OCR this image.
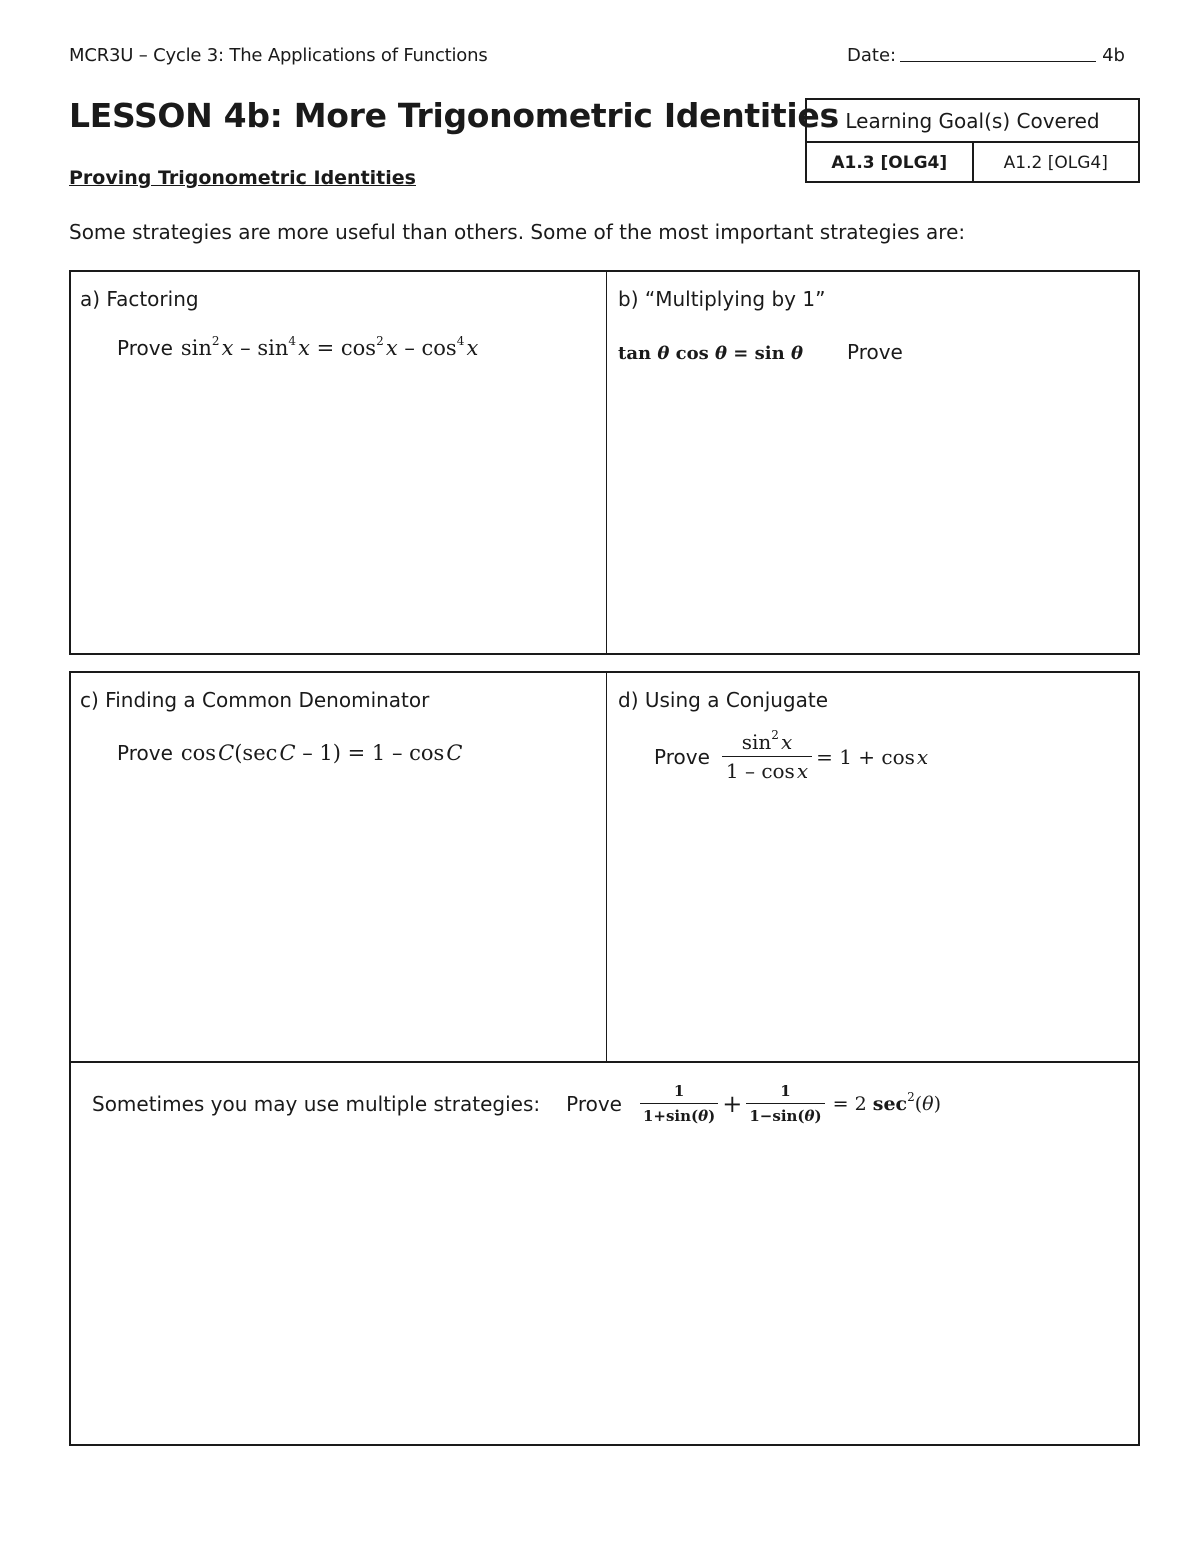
MCR3U – Cycle 3: The Applications of Functions	Date:	4b
LESSON 4b: More Trigonometric Identities
Proving Trigonometric Identities
Some strategies are more useful than others. Some of the most important strategies are:
Learning Goal(s) Covered
A1.3 [OLG4]	A1.2 [OLG4]
a) Factoring
Prove $\sin^2$ x – $\sin^4$ $x = \cos^2$ x – $\cos^4$ x
b) “Multiplying by 1”
tan θ cos θ = sin θ Prove
c) Finding a Common Denominator
Prove cos C(sec C – 1) = 1 – cos C
d) Using a Conjugate
Prove $\frac{\sin^2 x}{\text{1 – cos x}} = 1 + \cos$ x
Sometimes you may use multiple strategies: Prove $\frac{1}{1+\sin(\theta)} + \frac{1}{1-\sin(\theta)} = 2$ $\sec^2(\theta)$
